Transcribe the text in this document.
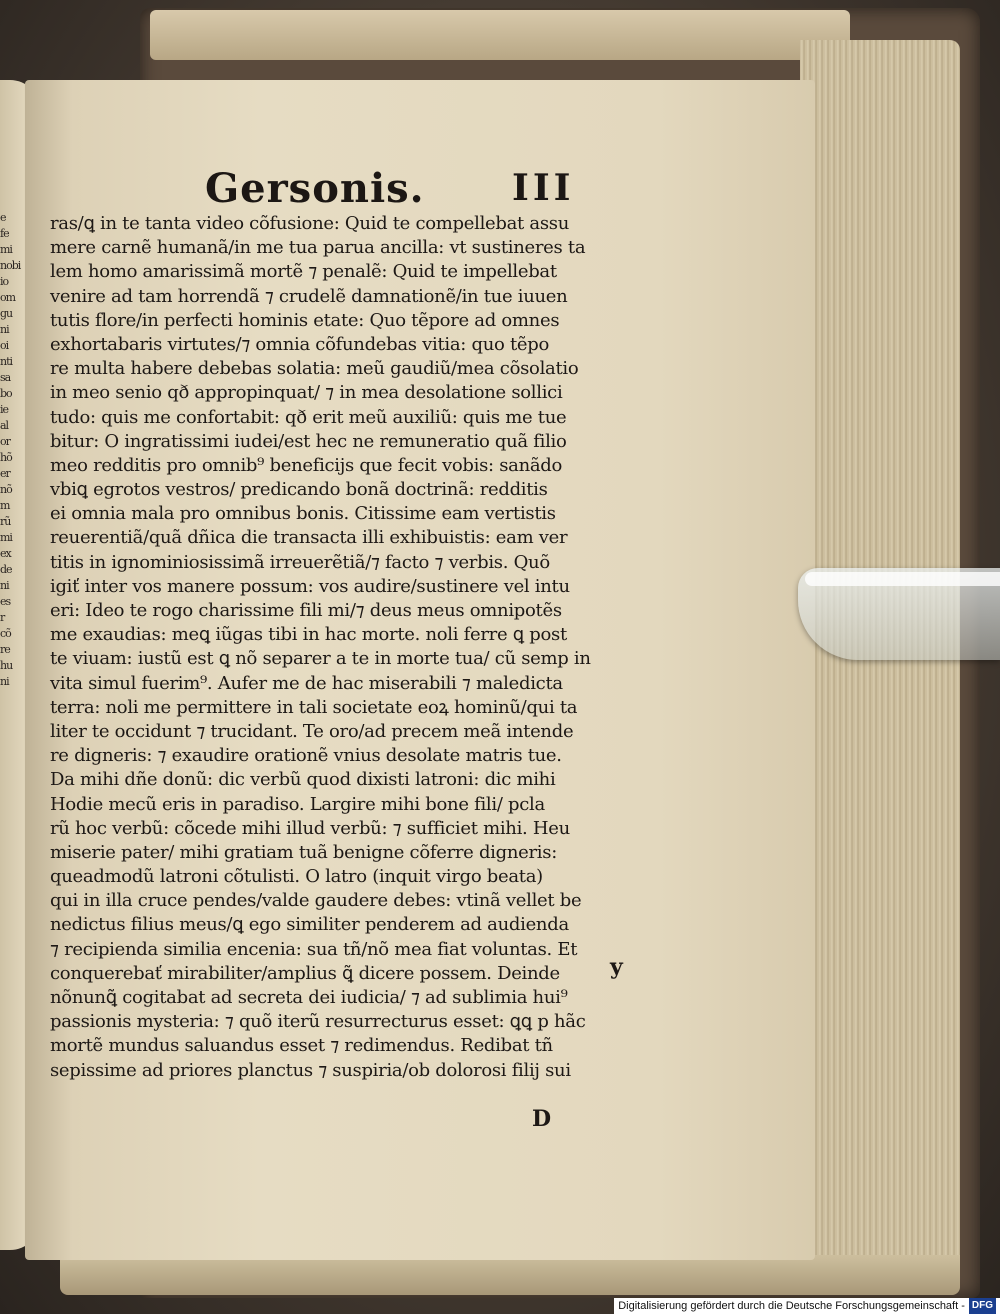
e
fe
mi
nobi
io
om
gu
ni
oi
nti
sa
bo
ie
al
or
hõ
er
nõ
m
rũ
mi
ex
de
ni
es
r
cõ
re
hu
ni
Gersonis. III
ras/ꝗ in te tanta video cõfusione: Quid te compellebat assu
mere carnẽ humanã/in me tua parua ancilla: vt sustineres ta
lem homo amarissimã mortẽ ⁊ penalẽ: Quid te impellebat
venire ad tam horrendã ⁊ crudelẽ damnationẽ/in tue iuuen
tutis flore/in perfecti hominis etate: Quo tẽpore ad omnes
exhortabaris virtutes/⁊ omnia cõfundebas vitia: quo tẽpo
re multa habere debebas solatia: meũ gaudiũ/mea cõsolatio
in meo senio qð appropinquat/ ⁊ in mea desolatione sollici
tudo: quis me confortabit: qð erit meũ auxiliũ: quis me tue
bitur: O ingratissimi iudei/est hec ne remuneratio quã filio
meo redditis pro omnib⁹ beneficijs que fecit vobis: sanãdo
vbiꝗ egrotos vestros/ predicando bonã doctrinã: redditis
ei omnia mala pro omnibus bonis. Citissime eam vertistis
reuerentiã/quã dñica die transacta illi exhibuistis: eam ver
titis in ignominiosissimã irreuerẽtiã/⁊ facto ⁊ verbis. Quõ
igiť inter vos manere possum: vos audire/sustinere vel intu
eri: Ideo te rogo charissime fili mi/⁊ deus meus omnipotẽs
me exaudias: meꝗ iũgas tibi in hac morte. noli ferre ꝗ post
te viuam: iustũ est ꝗ nõ separer a te in morte tua/ cũ semp in
vita simul fuerim⁹. Aufer me de hac miserabili ⁊ maledicta
terra: noli me permittere in tali societate eoꝝ hominũ/qui ta
liter te occidunt ⁊ trucidant. Te oro/ad precem meã intende
re digneris: ⁊ exaudire orationẽ vnius desolate matris tue.
Da mihi dñe donũ: dic verbũ quod dixisti latroni: dic mihi
Hodie mecũ eris in paradiso. Largire mihi bone fili/ pcla
rũ hoc verbũ: cõcede mihi illud verbũ: ⁊ sufficiet mihi. Heu
miserie pater/ mihi gratiam tuã benigne cõferre digneris:
queadmodũ latroni cõtulisti. O latro (inquit virgo beata)
qui in illa cruce pendes/valde gaudere debes: vtinã vellet be
nedictus filius meus/ꝗ ego similiter penderem ad audienda
⁊ recipienda similia encenia: sua tñ/nõ mea fiat voluntas. Et
conquerebať mirabiliter/amplius ꝗ̃ dicere possem. Deinde
nõnunꝗ̃ cogitabat ad secreta dei iudicia/ ⁊ ad sublimia hui⁹
passionis mysteria: ⁊ quõ iterũ resurrecturus esset: ꝗꝗ p hãc
mortẽ mundus saluandus esset ⁊ redimendus. Redibat tñ
sepissime ad priores planctus ⁊ suspiria/ob dolorosi filij sui
y
D
Digitalisierung gefördert durch die Deutsche Forschungsgemeinschaft - DFG
